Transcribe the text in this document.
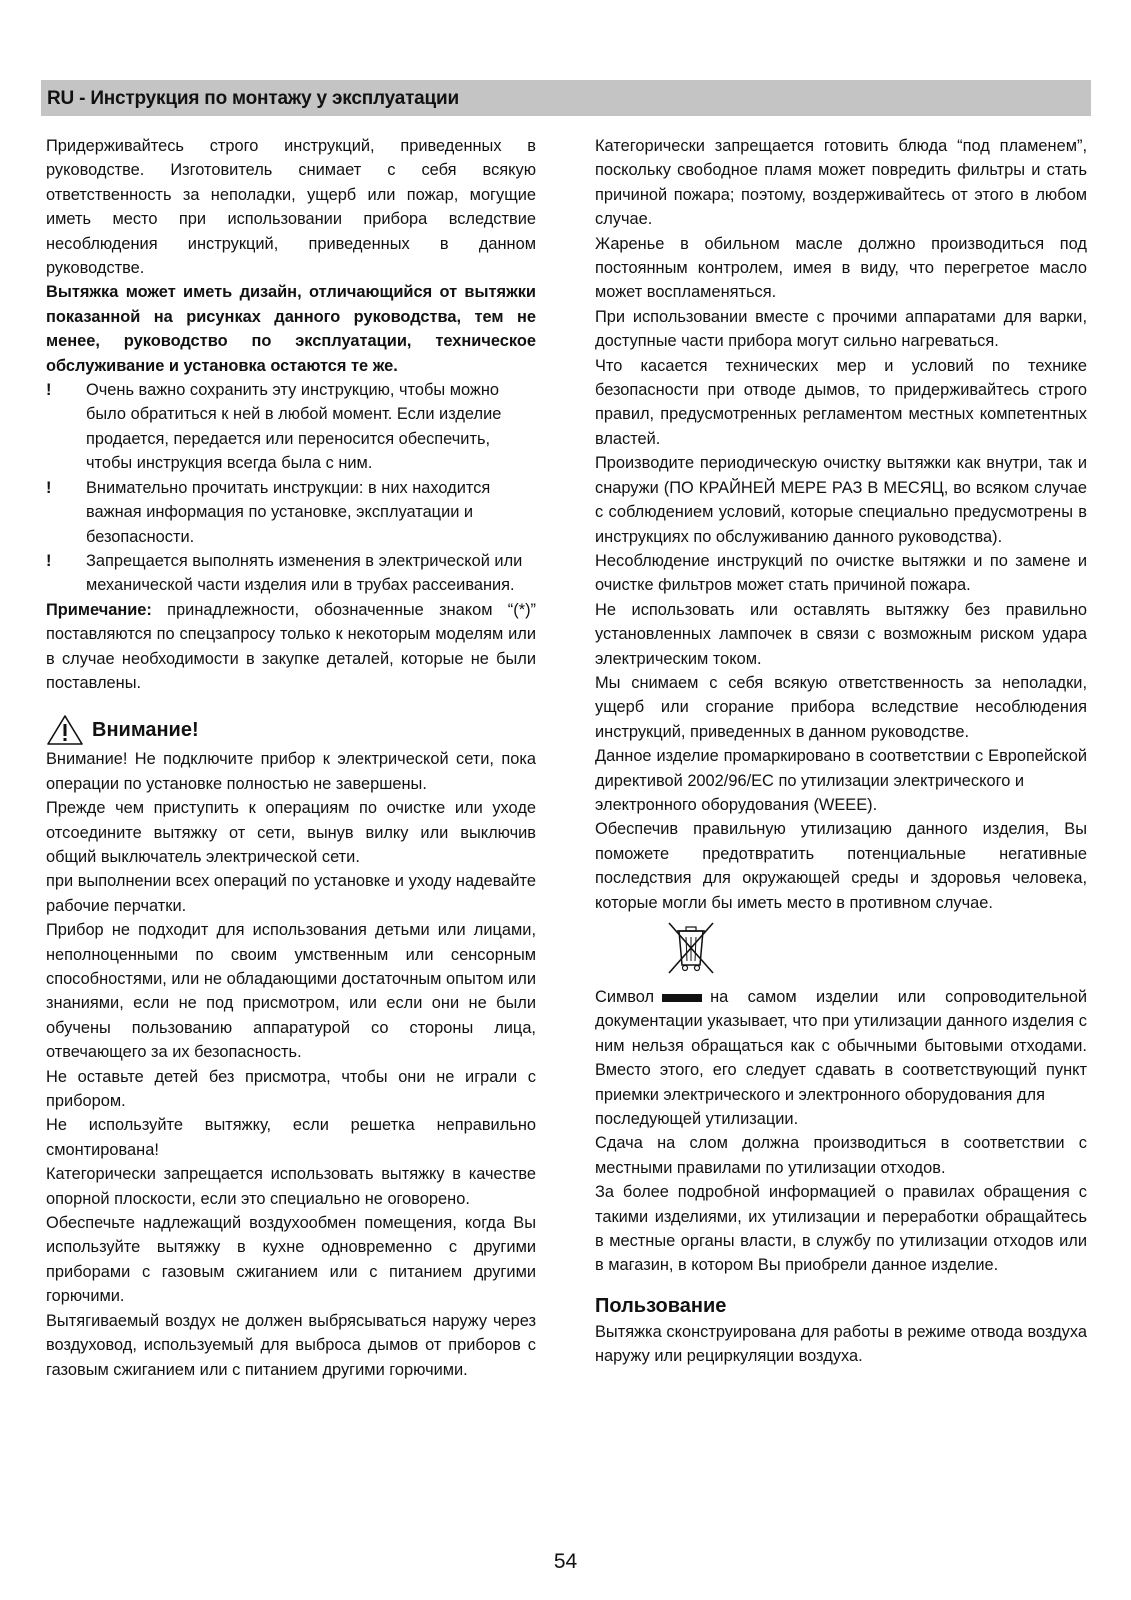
RU - Инструкция по монтажу у эксплуатации

Придерживайтесь строго инструкций, приведенных в руководстве. Изготовитель снимает с себя всякую ответственность за неполадки, ущерб или пожар, могущие иметь место при использовании прибора вследствие несоблюдения инструкций, приведенных в данном руководстве.

Вытяжка может иметь дизайн, отличающийся от вытяжки показанной на рисунках данного руководства, тем не менее, руководство по эксплуатации, техническое обслуживание и установка остаются те же.

!	Очень важно сохранить эту инструкцию, чтобы можно было обратиться к ней в любой момент. Если изделие продается, передается или переносится обеспечить, чтобы инструкция всегда была с ним.
!	Внимательно прочитать инструкции: в них находится важная информация по установке, эксплуатации и безопасности.
!	Запрещается выполнять изменения в электрической или механической части изделия или в трубах рассеивания.

Примечание: принадлежности, обозначенные знаком “(*)” поставляются по спецзапросу только к некоторым моделям или в случае необходимости в закупке деталей, которые не были поставлены.

Внимание!

Внимание! Не подключите прибор к электрической сети, пока операции по установке полностью не завершены.

Прежде чем приступить к операциям по очистке или уходе отсоедините вытяжку от сети, вынув вилку или выключив общий выключатель электрической сети.

при выполнении всех операций по установке и уходу надевайте рабочие перчатки.

Прибор не подходит для использования детьми или лицами, неполноценными по своим умственным или сенсорным способностями, или не обладающими достаточным опытом или знаниями, если не под присмотром, или если они не были обучены пользованию аппаратурой со стороны лица, отвечающего за их безопасность.

Не оставьте детей без присмотра, чтобы они не играли с прибором.

Не используйте вытяжку, если решетка неправильно смонтирована!

Категорически запрещается использовать вытяжку в качестве опорной плоскости, если это специально не оговорено.

Обеспечьте надлежащий воздухообмен помещения, когда Вы используйте вытяжку в кухне одновременно с другими приборами с газовым сжиганием или с питанием другими горючими.

Вытягиваемый воздух не должен выбрясываться наружу через воздуховод, используемый для выброса дымов от приборов с газовым сжиганием или с питанием другими горючими.

Категорически запрещается готовить блюда “под пламенем”, поскольку свободное пламя может повредить фильтры и стать причиной пожара; поэтому, воздерживайтесь от этого в любом случае.

Жаренье в обильном масле должно производиться под постоянным контролем, имея в виду, что перегретое масло может воспламеняться.

При использовании вместе с прочими аппаратами для варки, доступные части прибора могут сильно нагреваться.

Что касается технических мер и условий по технике безопасности при отводе дымов, то придерживайтесь строго правил, предусмотренных регламентом местных компетентных властей.

Производите периодическую очистку вытяжки как внутри, так и снаружи (ПО КРАЙНЕЙ МЕРЕ РАЗ В МЕСЯЦ, во всяком случае с соблюдением условий, которые специально предусмотрены в инструкциях по обслуживанию данного руководства).

Несоблюдение инструкций по очистке вытяжки и по замене и очистке фильтров может стать причиной пожара.

Не использовать или оставлять вытяжку без правильно установленных лампочек в связи с возможным риском удара электрическим током.

Мы снимаем с себя всякую ответственность за неполадки, ущерб или сгорание прибора вследствие несоблюдения инструкций, приведенных в данном руководстве.

Данное изделие промаркировано в соответствии с Европейской директивой 2002/96/EC по утилизации электрического и

электронного оборудования (WEEE).

Обеспечив правильную утилизацию данного изделия, Вы поможете предотвратить потенциальные негативные последствия для окружающей среды и здоровья человека, которые могли бы иметь место в противном случае.

Символ	на самом изделии или сопроводительной документации указывает, что при утилизации данного изделия с ним нельзя обращаться как с обычными бытовыми отходами. Вместо этого, его следует сдавать в соответствующий пункт приемки электрического и электронного оборудования для

последующей утилизации.

Сдача на слом должна производиться в соответствии с местными правилами по утилизации отходов.

За более подробной информацией о правилах обращения с такими изделиями, их утилизации и переработки обращайтесь в местные органы власти, в службу по утилизации отходов или в магазин, в котором Вы приобрели данное изделие.

Пользование

Вытяжка сконструирована для работы в режиме отвода воздуха наружу или рециркуляции воздуха.

54
